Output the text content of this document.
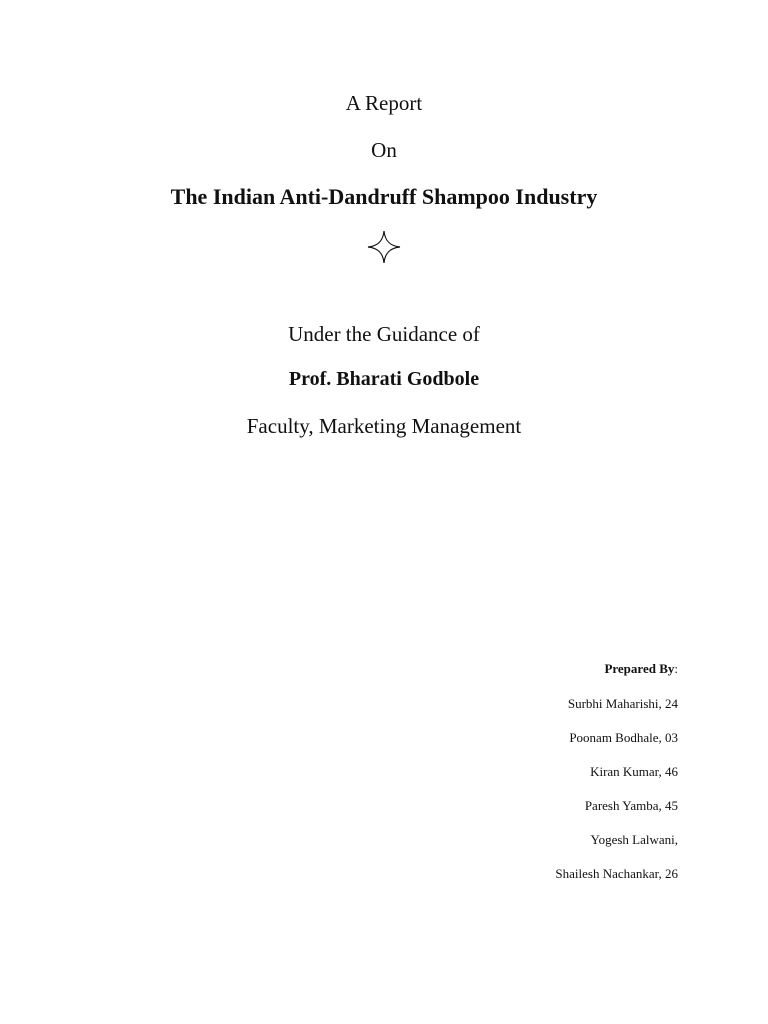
A Report
On
The Indian Anti-Dandruff Shampoo Industry
Under the Guidance of
Prof. Bharati Godbole
Faculty, Marketing Management
Prepared By:
Surbhi Maharishi, 24
Poonam Bodhale, 03
Kiran Kumar, 46
Paresh Yamba, 45
Yogesh Lalwani,
Shailesh Nachankar, 26
